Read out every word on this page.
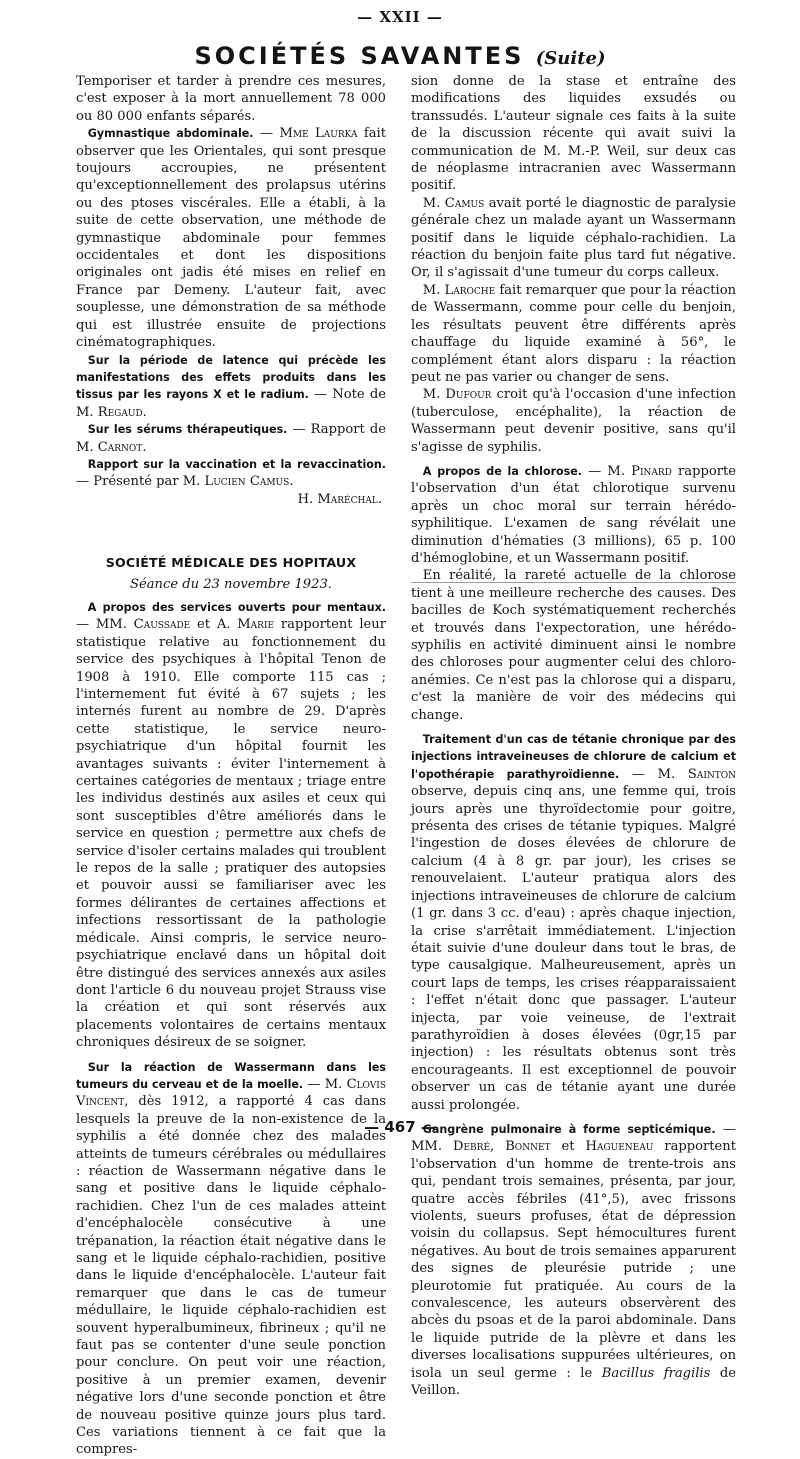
— XXII —
SOCIÉTÉS SAVANTES (Suite)

Temporiser et tarder à prendre ces mesures, c'est exposer à la mort annuellement 78 000 ou 80 000 enfants séparés.

Gymnastique abdominale. — Mme Laurka fait observer que les Orientales, qui sont presque toujours accroupies, ne présentent qu'exceptionnellement des prolapsus utérins ou des ptoses viscérales. Elle a établi, à la suite de cette observation, une méthode de gymnastique abdominale pour femmes occidentales et dont les dispositions originales ont jadis été mises en relief en France par Demeny. L'auteur fait, avec souplesse, une démonstration de sa méthode qui est illustrée ensuite de projections cinématographiques.

Sur la période de latence qui précède les manifestations des effets produits dans les tissus par les rayons X et le radium. — Note de M. Regaud.

Sur les sérums thérapeutiques. — Rapport de M. Carnot.

Rapport sur la vaccination et la revaccination. — Présenté par M. Lucien Camus.

H. Maréchal.

SOCIÉTÉ MÉDICALE DES HOPITAUX

Séance du 23 novembre 1923.

A propos des services ouverts pour mentaux. — MM. Caussade et A. Marie rapportent leur statistique relative au fonctionnement du service des psychiques à l'hôpital Tenon de 1908 à 1910. Elle comporte 115 cas ; l'internement fut évité à 67 sujets ; les internés furent au nombre de 29. D'après cette statistique, le service neuro-psychiatrique d'un hôpital fournit les avantages suivants : éviter l'internement à certaines catégories de mentaux ; triage entre les individus destinés aux asiles et ceux qui sont susceptibles d'être améliorés dans le service en question ; permettre aux chefs de service d'isoler certains malades qui troublent le repos de la salle ; pratiquer des autopsies et pouvoir aussi se familiariser avec les formes délirantes de certaines affections et infections ressortissant de la pathologie médicale. Ainsi compris, le service neuro-psychiatrique enclavé dans un hôpital doit être distingué des services annexés aux asiles dont l'article 6 du nouveau projet Strauss vise la création et qui sont réservés aux placements volontaires de certains mentaux chroniques désireux de se soigner.

Sur la réaction de Wassermann dans les tumeurs du cerveau et de la moelle. — M. Clovis Vincent, dès 1912, a rapporté 4 cas dans lesquels la preuve de la non-existence de la syphilis a été donnée chez des malades atteints de tumeurs cérébrales ou médullaires : réaction de Wassermann négative dans le sang et positive dans le liquide céphalo-rachidien. Chez l'un de ces malades atteint d'encéphalocèle consécutive à une trépanation, la réaction était négative dans le sang et le liquide céphalo-rachidien, positive dans le liquide d'encéphalocèle. L'auteur fait remarquer que dans le cas de tumeur médullaire, le liquide céphalo-rachidien est souvent hyperalbumineux, fibrineux ; qu'il ne faut pas se contenter d'une seule ponction pour conclure. On peut voir une réaction, positive à un premier examen, devenir négative lors d'une seconde ponction et être de nouveau positive quinze jours plus tard. Ces variations tiennent à ce fait que la compres-

sion donne de la stase et entraîne des modifications des liquides exsudés ou transsudés. L'auteur signale ces faits à la suite de la discussion récente qui avait suivi la communication de M. M.-P. Weil, sur deux cas de néoplasme intracranien avec Wassermann positif.

M. Camus avait porté le diagnostic de paralysie générale chez un malade ayant un Wassermann positif dans le liquide céphalo-rachidien. La réaction du benjoin faite plus tard fut négative. Or, il s'agissait d'une tumeur du corps calleux.

M. Laroche fait remarquer que pour la réaction de Wassermann, comme pour celle du benjoin, les résultats peuvent être différents après chauffage du liquide examiné à 56°, le complément étant alors disparu : la réaction peut ne pas varier ou changer de sens.

M. Dufour croit qu'à l'occasion d'une infection (tuberculose, encéphalite), la réaction de Wassermann peut devenir positive, sans qu'il s'agisse de syphilis.

A propos de la chlorose. — M. Pinard rapporte l'observation d'un état chlorotique survenu après un choc moral sur terrain hérédo-syphilitique. L'examen de sang révélait une diminution d'hématies (3 millions), 65 p. 100 d'hémoglobine, et un Wassermann positif.

En réalité, la rareté actuelle de la chlorose tient à une meilleure recherche des causes. Des bacilles de Koch systématiquement recherchés et trouvés dans l'expectoration, une hérédo-syphilis en activité diminuent ainsi le nombre des chloroses pour augmenter celui des chloro-anémies. Ce n'est pas la chlorose qui a disparu, c'est la manière de voir des médecins qui change.

Traitement d'un cas de tétanie chronique par des injections intraveineuses de chlorure de calcium et l'opothérapie parathyroïdienne. — M. Sainton observe, depuis cinq ans, une femme qui, trois jours après une thyroïdectomie pour goitre, présenta des crises de tétanie typiques. Malgré l'ingestion de doses élevées de chlorure de calcium (4 à 8 gr. par jour), les crises se renouvelaient. L'auteur pratiqua alors des injections intraveineuses de chlorure de calcium (1 gr. dans 3 cc. d'eau) : après chaque injection, la crise s'arrêtait immédiatement. L'injection était suivie d'une douleur dans tout le bras, de type causalgique. Malheureusement, après un court laps de temps, les crises réapparaissaient : l'effet n'était donc que passager. L'auteur injecta, par voie veineuse, de l'extrait parathyroïdien à doses élevées (0gr,15 par injection) : les résultats obtenus sont très encourageants. Il est exceptionnel de pouvoir observer un cas de tétanie ayant une durée aussi prolongée.

Gangrène pulmonaire à forme septicémique. — MM. Debré, Bonnet et Hagueneau rapportent l'observation d'un homme de trente-trois ans qui, pendant trois semaines, présenta, par jour, quatre accès fébriles (41°,5), avec frissons violents, sueurs profuses, état de dépression voisin du collapsus. Sept hémocultures furent négatives. Au bout de trois semaines apparurent des signes de pleurésie putride ; une pleurotomie fut pratiquée. Au cours de la convalescence, les auteurs observèrent des abcès du psoas et de la paroi abdominale. Dans le liquide putride de la plèvre et dans les diverses localisations suppurées ultérieures, on isola un seul germe : le Bacillus fragilis de Veillon.

— 467 —
